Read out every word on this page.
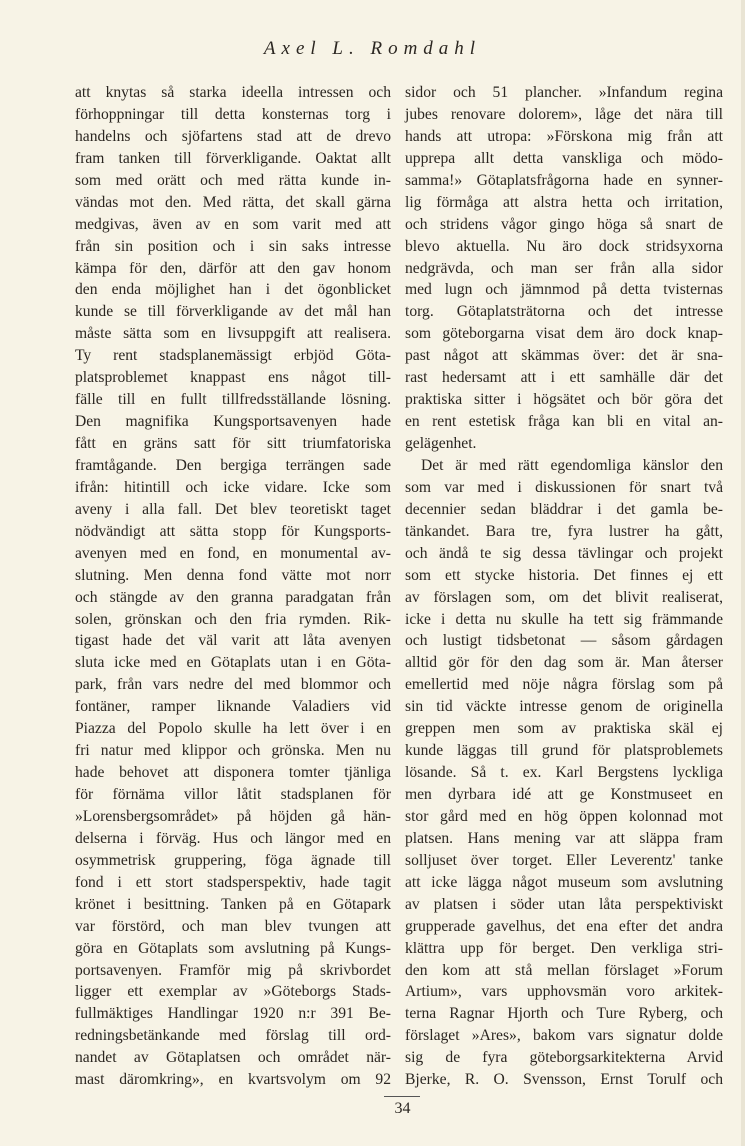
Axel L. Romdahl
att knytas så starka ideella intressen och
förhoppningar till detta konsternas torg i
handelns och sjöfartens stad att de drevo
fram tanken till förverkligande. Oaktat allt
som med orätt och med rätta kunde in-
vändas mot den. Med rätta, det skall gärna
medgivas, även av en som varit med att
från sin position och i sin saks intresse
kämpa för den, därför att den gav honom
den enda möjlighet han i det ögonblicket
kunde se till förverkligande av det mål han
måste sätta som en livsuppgift att realisera.
Ty rent stadsplanemässigt erbjöd Göta-
platsproblemet knappast ens något till-
fälle till en fullt tillfredsställande lösning.
Den magnifika Kungsportsavenyen hade
fått en gräns satt för sitt triumfatoriska
framtågande. Den bergiga terrängen sade
ifrån: hitintill och icke vidare. Icke som
aveny i alla fall. Det blev teoretiskt taget
nödvändigt att sätta stopp för Kungsports-
avenyen med en fond, en monumental av-
slutning. Men denna fond vätte mot norr
och stängde av den granna paradgatan från
solen, grönskan och den fria rymden. Rik-
tigast hade det väl varit att låta avenyen
sluta icke med en Götaplats utan i en Göta-
park, från vars nedre del med blommor och
fontäner, ramper liknande Valadiers vid
Piazza del Popolo skulle ha lett över i en
fri natur med klippor och grönska. Men nu
hade behovet att disponera tomter tjänliga
för förnäma villor låtit stadsplanen för
»Lorensbergsområdet» på höjden gå hän-
delserna i förväg. Hus och längor med en
osymmetrisk gruppering, föga ägnade till
fond i ett stort stadsperspektiv, hade tagit
krönet i besittning. Tanken på en Götapark
var förstörd, och man blev tvungen att
göra en Götaplats som avslutning på Kungs-
portsavenyen. Framför mig på skrivbordet
ligger ett exemplar av »Göteborgs Stads-
fullmäktiges Handlingar 1920 n:r 391 Be-
redningsbetänkande med förslag till ord-
nandet av Götaplatsen och området när-
mast däromkring», en kvartsvolym om 92
sidor och 51 plancher. »Infandum regina
jubes renovare dolorem», låge det nära till
hands att utropa: »Förskona mig från att
upprepa allt detta vanskliga och mödo-
samma!» Götaplatsfrågorna hade en synner-
lig förmåga att alstra hetta och irritation,
och stridens vågor gingo höga så snart de
blevo aktuella. Nu äro dock stridsyxorna
nedgrävda, och man ser från alla sidor
med lugn och jämnmod på detta tvisternas
torg. Götaplatsträtorna och det intresse
som göteborgarna visat dem äro dock knap-
past något att skämmas över: det är sna-
rast hedersamt att i ett samhälle där det
praktiska sitter i högsätet och bör göra det
en rent estetisk fråga kan bli en vital an-
gelägenhet.
Det är med rätt egendomliga känslor den
som var med i diskussionen för snart två
decennier sedan bläddrar i det gamla be-
tänkandet. Bara tre, fyra lustrer ha gått,
och ändå te sig dessa tävlingar och projekt
som ett stycke historia. Det finnes ej ett
av förslagen som, om det blivit realiserat,
icke i detta nu skulle ha tett sig främmande
och lustigt tidsbetonat — såsom gårdagen
alltid gör för den dag som är. Man återser
emellertid med nöje några förslag som på
sin tid väckte intresse genom de originella
greppen men som av praktiska skäl ej
kunde läggas till grund för platsproblemets
lösande. Så t. ex. Karl Bergstens lyckliga
men dyrbara idé att ge Konstmuseet en
stor gård med en hög öppen kolonnad mot
platsen. Hans mening var att släppa fram
solljuset över torget. Eller Leverentz' tanke
att icke lägga något museum som avslutning
av platsen i söder utan låta perspektiviskt
grupperade gavelhus, det ena efter det andra
klättra upp för berget. Den verkliga stri-
den kom att stå mellan förslaget »Forum
Artium», vars upphovsmän voro arkitek-
terna Ragnar Hjorth och Ture Ryberg, och
förslaget »Ares», bakom vars signatur dolde
sig de fyra göteborgsarkitekterna Arvid
Bjerke, R. O. Svensson, Ernst Torulf och
34
